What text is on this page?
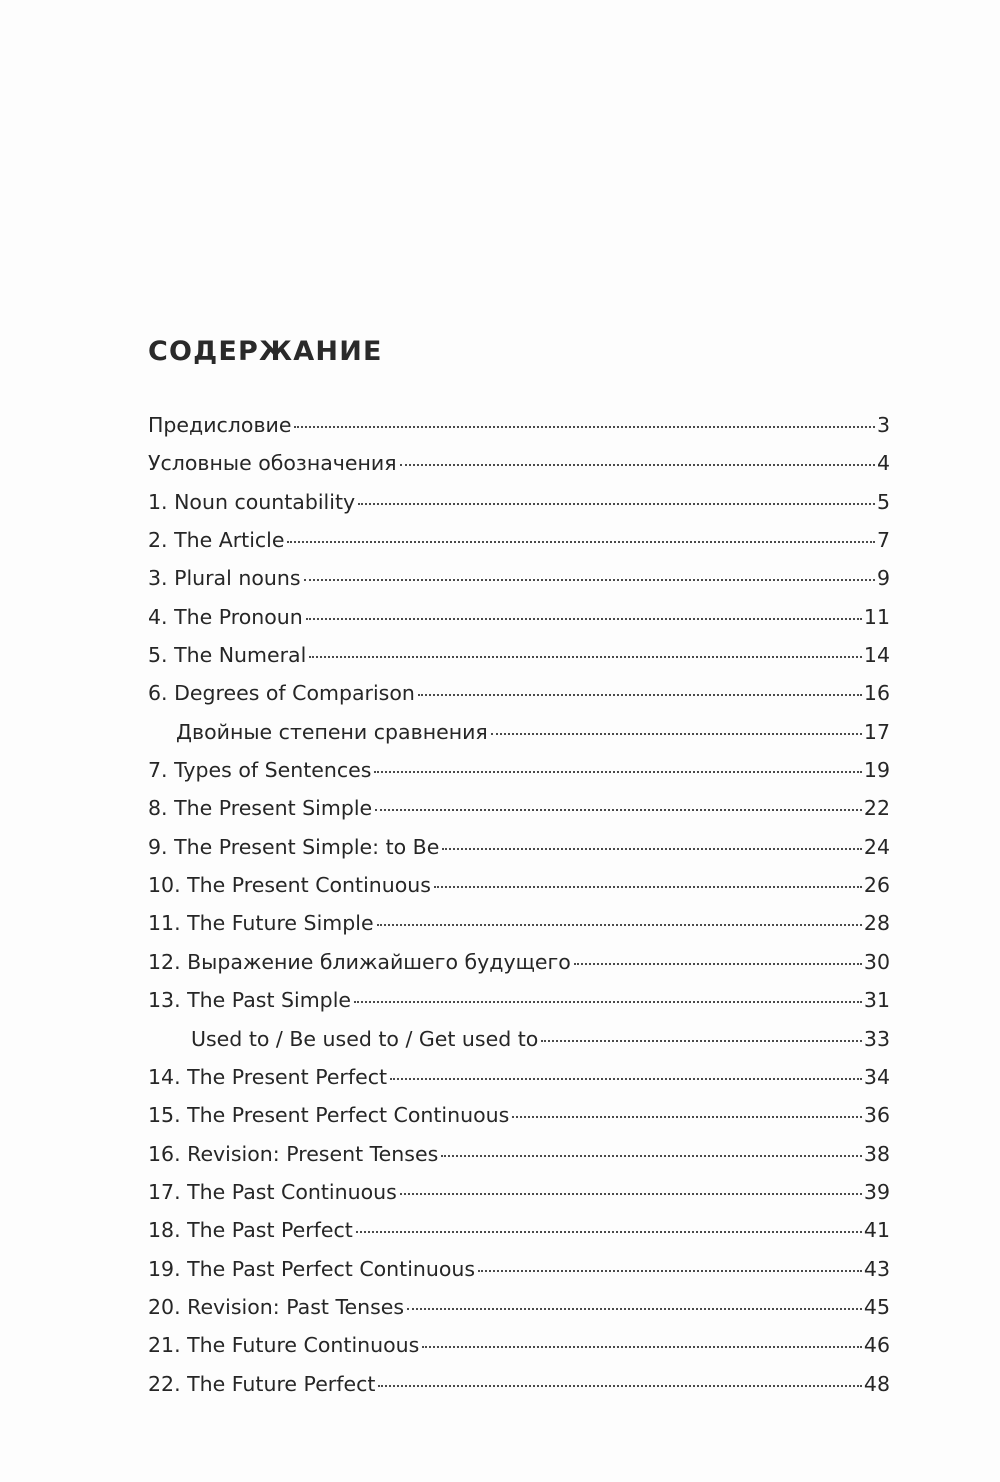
СОДЕРЖАНИЕ
Предисловие	3
Условные обозначения	4
1. Noun countability	5
2. The Article	7
3. Plural nouns	9
4. The Pronoun	11
5. The Numeral	14
6. Degrees of Comparison	16
Двойные степени сравнения	17
7. Types of Sentences	19
8. The Present Simple	22
9. The Present Simple: to Be	24
10. The Present Continuous	26
11. The Future Simple	28
12. Выражение ближайшего будущего	30
13. The Past Simple	31
Used to / Be used to / Get used to	33
14. The Present Perfect	34
15. The Present Perfect Continuous	36
16. Revision: Present Tenses	38
17. The Past Continuous	39
18. The Past Perfect	41
19. The Past Perfect Continuous	43
20. Revision: Past Tenses	45
21. The Future Continuous	46
22. The Future Perfect	48
